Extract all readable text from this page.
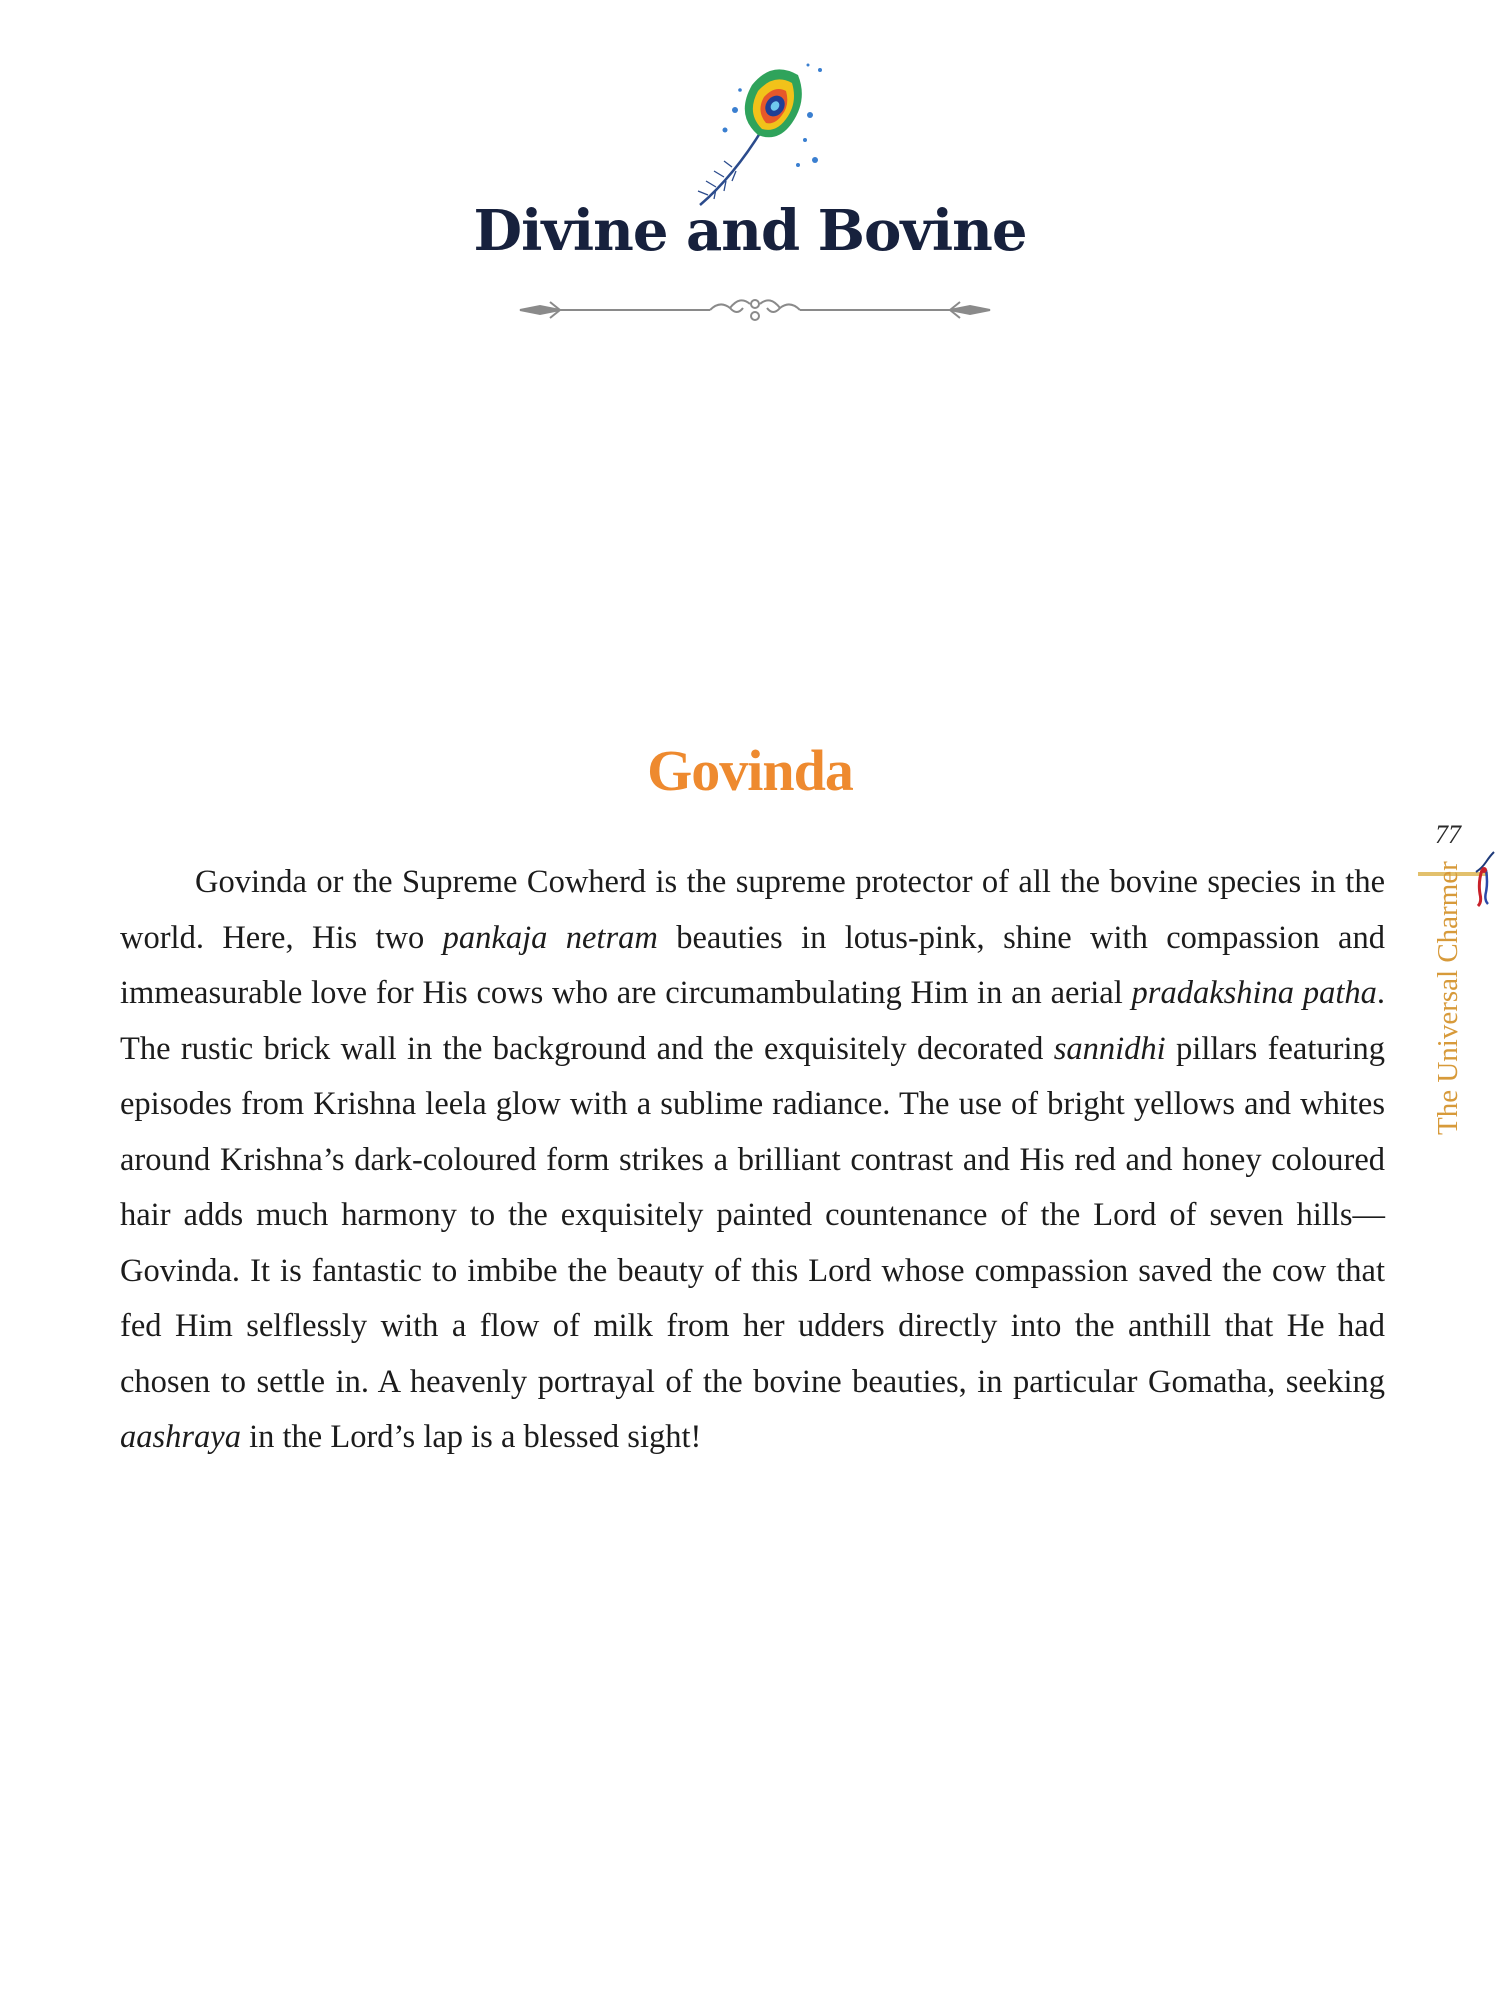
Divine and Bovine
Govinda
77
The Universal Charmer

Govinda or the Supreme Cowherd is the supreme protector of all the bovine species in the world. Here, His two pankaja netram beauties in lotus-pink, shine with compassion and immeasurable love for His cows who are circumambulating Him in an aerial pradakshina patha. The rustic brick wall in the background and the exquisitely decorated sannidhi pillars featuring episodes from Krishna leela glow with a sublime radiance. The use of bright yellows and whites around Krishna’s dark-coloured form strikes a brilliant contrast and His red and honey coloured hair adds much harmony to the exquisitely painted countenance of the Lord of seven hills—Govinda. It is fantastic to imbibe the beauty of this Lord whose compassion saved the cow that fed Him selflessly with a flow of milk from her udders directly into the anthill that He had chosen to settle in. A heavenly portrayal of the bovine beauties, in particular Gomatha, seeking aashraya in the Lord’s lap is a blessed sight!
